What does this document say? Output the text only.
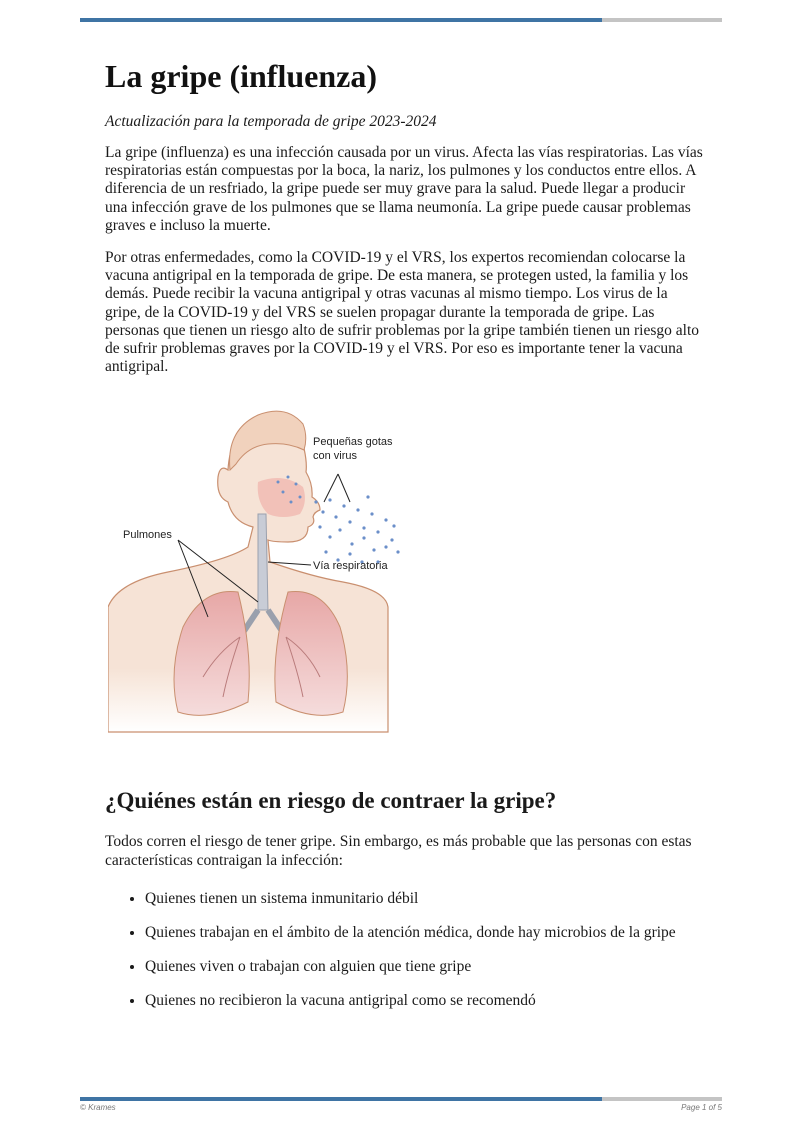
La gripe (influenza)
Actualización para la temporada de gripe 2023-2024

La gripe (influenza) es una infección causada por un virus. Afecta las vías respiratorias. Las vías respiratorias están compuestas por la boca, la nariz, los pulmones y los conductos entre ellos. A diferencia de un resfriado, la gripe puede ser muy grave para la salud. Puede llegar a producir una infección grave de los pulmones que se llama neumonía. La gripe puede causar problemas graves e incluso la muerte.

Por otras enfermedades, como la COVID-19 y el VRS, los expertos recomiendan colocarse la vacuna antigripal en la temporada de gripe. De esta manera, se protegen usted, la familia y los demás. Puede recibir la vacuna antigripal y otras vacunas al mismo tiempo. Los virus de la gripe, de la COVID-19 y del VRS se suelen propagar durante la temporada de gripe. Las personas que tienen un riesgo alto de sufrir problemas por la gripe también tienen un riesgo alto de sufrir problemas graves por la COVID-19 y el VRS. Por eso es importante tener la vacuna antigripal.

Pequeñas gotas
con virus
Pulmones
Vía respiratoria
¿Quiénes están en riesgo de contraer la gripe?

Todos corren el riesgo de tener gripe. Sin embargo, es más probable que las personas con estas características contraigan la infección:

• Quienes tienen un sistema inmunitario débil
• Quienes trabajan en el ámbito de la atención médica, donde hay microbios de la gripe
• Quienes viven o trabajan con alguien que tiene gripe
• Quienes no recibieron la vacuna antigripal como se recomendó
© Krames	Page 1 of 5
